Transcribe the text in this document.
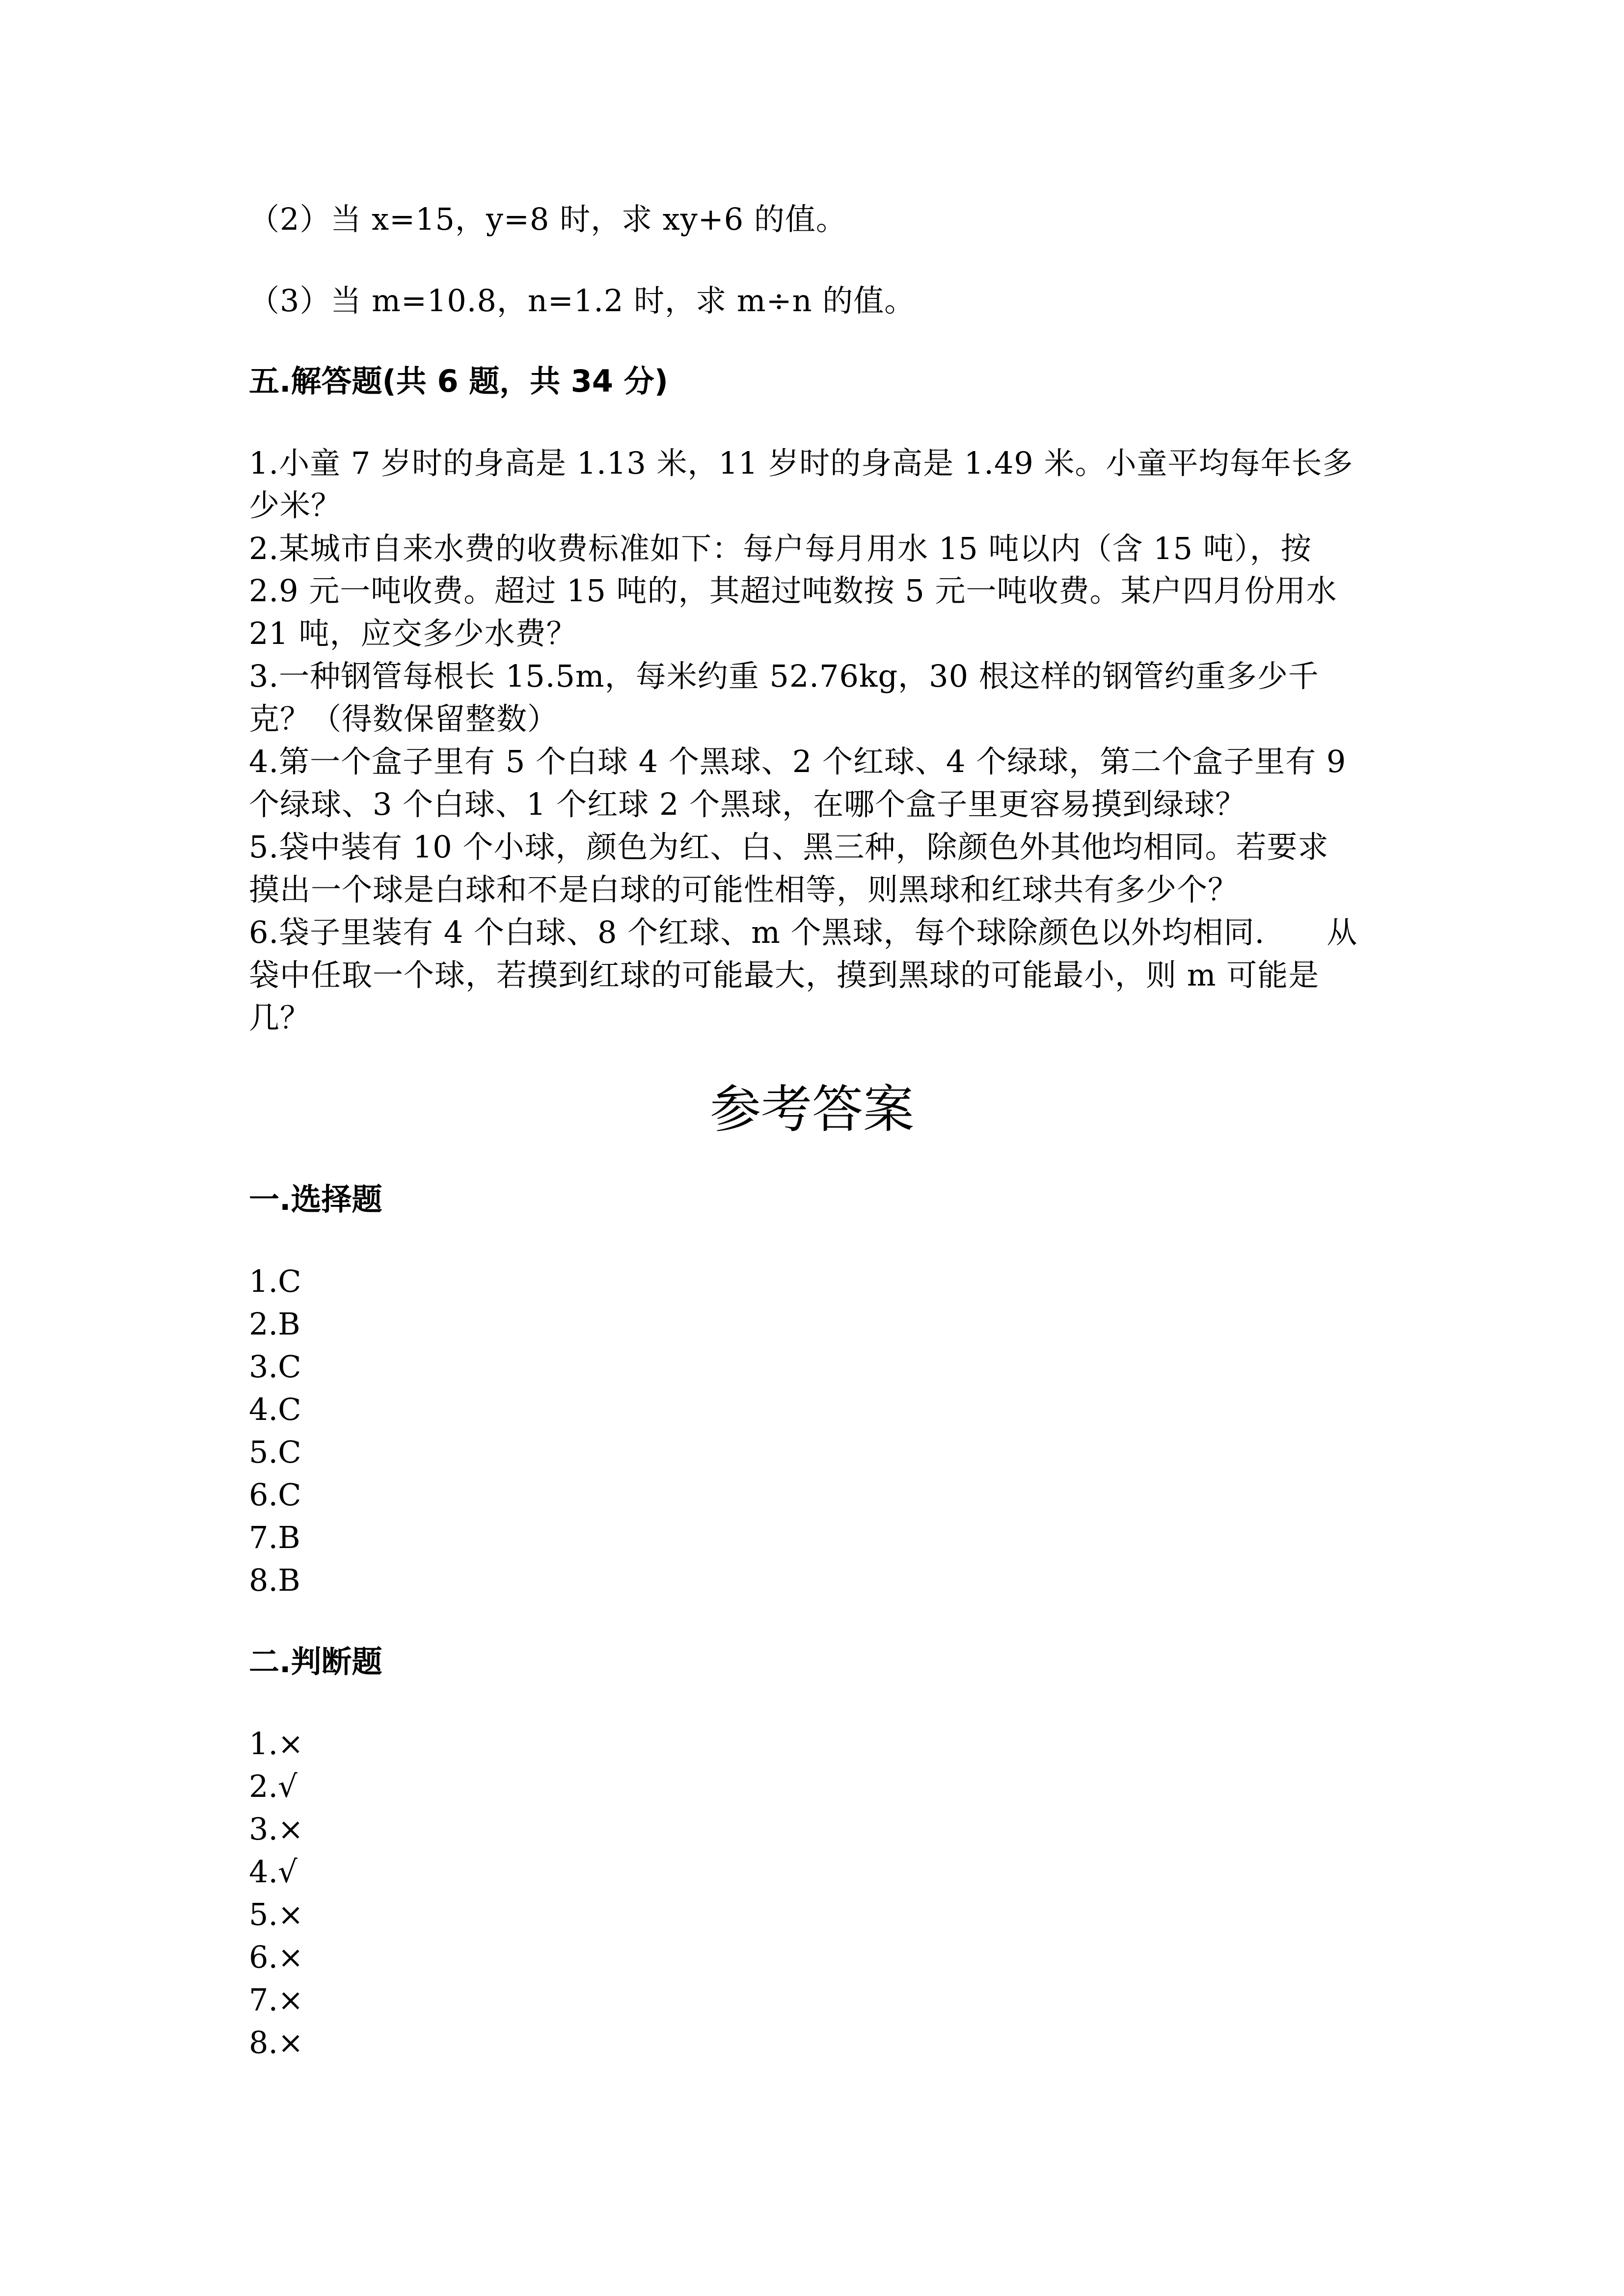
（2）当 x=15，y=8 时，求 xy+6 的值。
（3）当 m=10.8，n=1.2 时，求 m÷n 的值。
五.解答题(共 6 题，共 34 分)
1.小童 7 岁时的身高是 1.13 米，11 岁时的身高是 1.49 米。小童平均每年长多
少米？
2.某城市自来水费的收费标准如下：每户每月用水 15 吨以内（含 15 吨），按
2.9 元一吨收费。超过 15 吨的，其超过吨数按 5 元一吨收费。某户四月份用水
21 吨，应交多少水费？
3.一种钢管每根长 15.5m，每米约重 52.76kg，30 根这样的钢管约重多少千
克？（得数保留整数）
4.第一个盒子里有 5 个白球 4 个黑球、2 个红球、4 个绿球，第二个盒子里有 9
个绿球、3 个白球、1 个红球 2 个黑球，在哪个盒子里更容易摸到绿球？
5.袋中装有 10 个小球，颜色为红、白、黑三种，除颜色外其他均相同。若要求
摸出一个球是白球和不是白球的可能性相等，则黑球和红球共有多少个？
6.袋子里装有 4 个白球、8 个红球、m 个黑球，每个球除颜色以外均相同.　　从
袋中任取一个球，若摸到红球的可能最大，摸到黑球的可能最小，则 m 可能是
几？
参考答案
一.选择题
1.C
2.B
3.C
4.C
5.C
6.C
7.B
8.B
二.判断题
1.×
2.√
3.×
4.√
5.×
6.×
7.×
8.×
